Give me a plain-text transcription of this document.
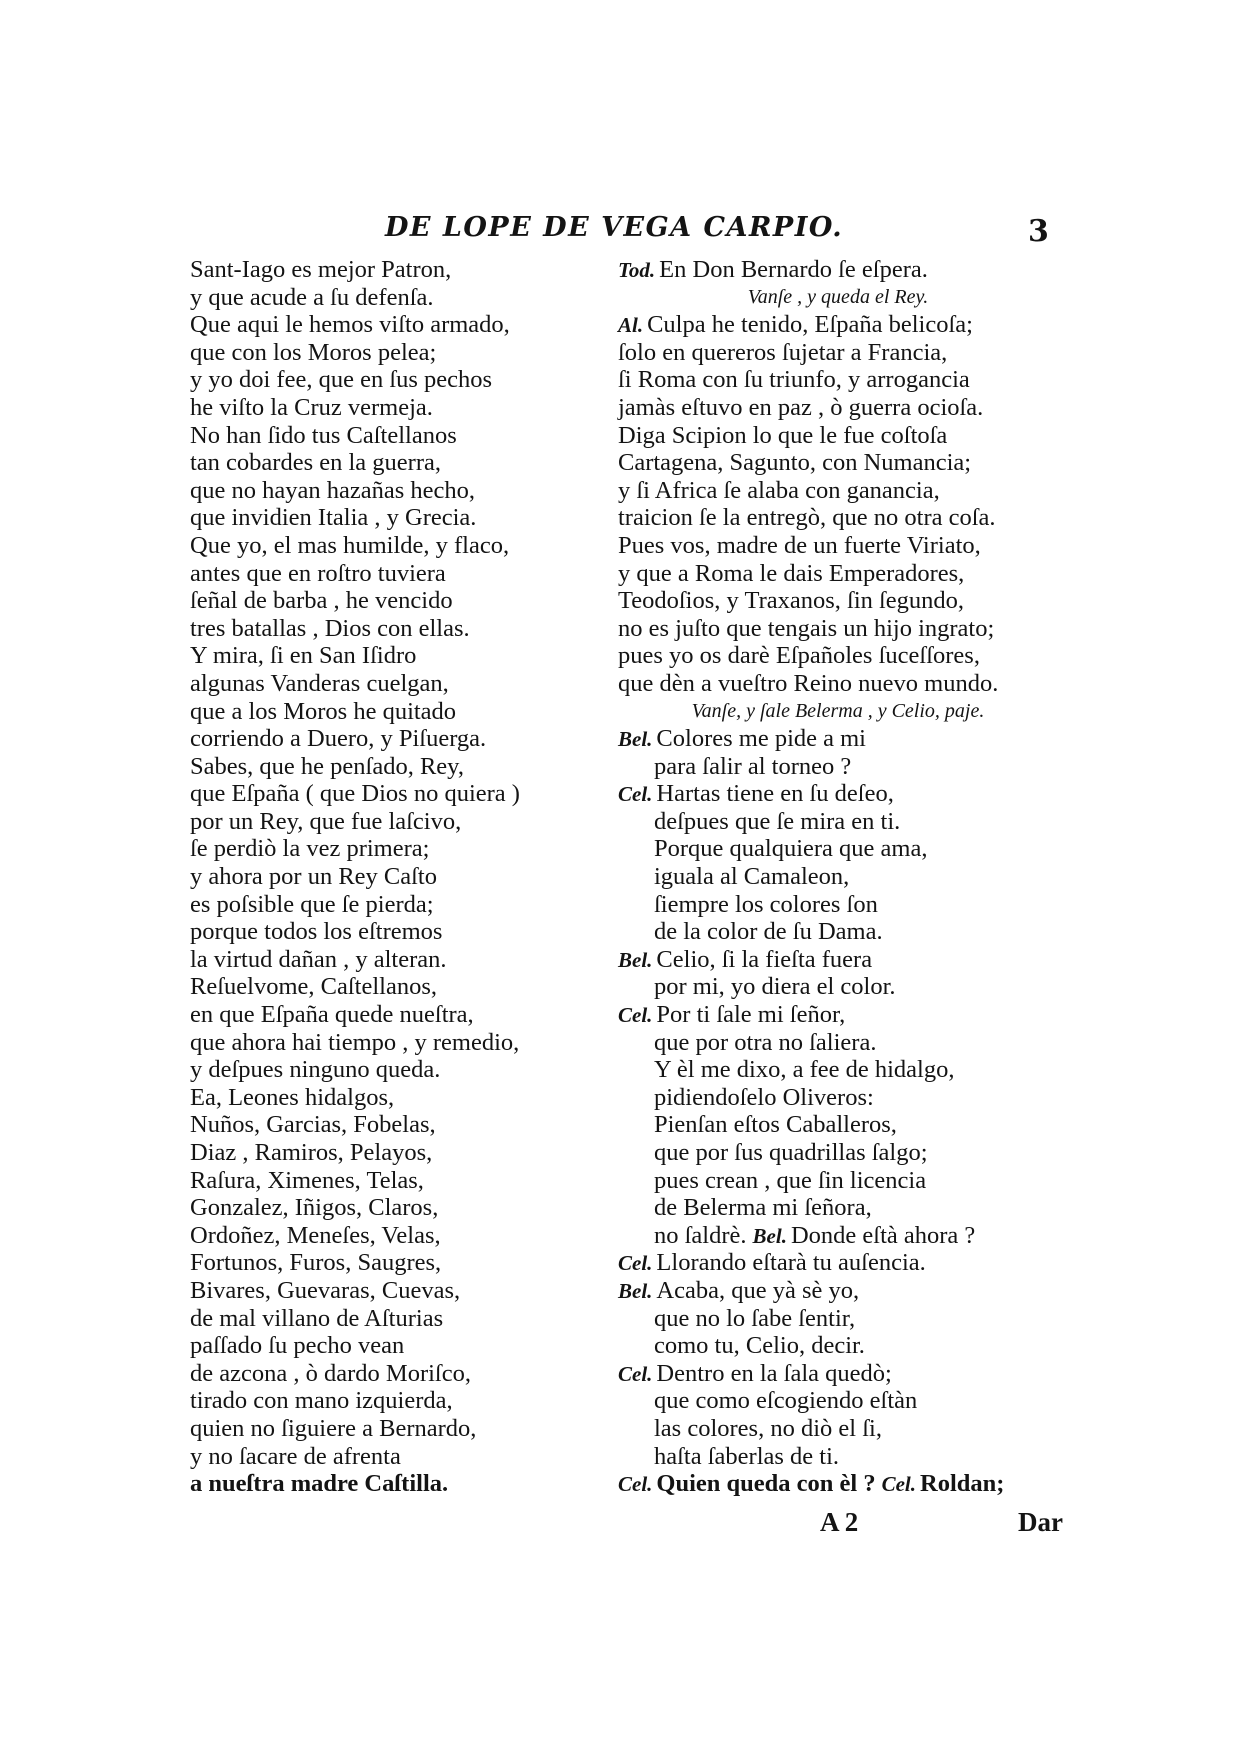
DE LOPE DE VEGA CARPIO.	3
Sant-Iago es mejor Patron,
y que acude a ſu defenſa.
Que aqui le hemos viſto armado,
que con los Moros pelea;
y yo doi fee, que en ſus pechos
he viſto la Cruz vermeja.
No han ſido tus Caſtellanos
tan cobardes en la guerra,
que no hayan hazañas hecho,
que invidien Italia , y Grecia.
Que yo, el mas humilde, y flaco,
antes que en roſtro tuviera
ſeñal de barba , he vencido
tres batallas , Dios con ellas.
Y mira, ſi en San Iſidro
algunas Vanderas cuelgan,
que a los Moros he quitado
corriendo a Duero, y Piſuerga.
Sabes, que he penſado, Rey,
que Eſpaña ( que Dios no quiera )
por un Rey, que fue laſcivo,
ſe perdiò la vez primera;
y ahora por un Rey Caſto
es poſsible que ſe pierda;
porque todos los eſtremos
la virtud dañan , y alteran.
Reſuelvome, Caſtellanos,
en que Eſpaña quede nueſtra,
que ahora hai tiempo , y remedio,
y deſpues ninguno queda.
Ea, Leones hidalgos,
Nuños, Garcias, Fobelas,
Diaz , Ramiros, Pelayos,
Raſura, Ximenes, Telas,
Gonzalez, Iñigos, Claros,
Ordoñez, Meneſes, Velas,
Fortunos, Furos, Saugres,
Bivares, Guevaras, Cuevas,
de mal villano de Aſturias
paſſado ſu pecho vean
de azcona , ò dardo Moriſco,
tirado con mano izquierda,
quien no ſiguiere a Bernardo,
y no ſacare de afrenta
a nueſtra madre Caſtilla.
Tod. En Don Bernardo ſe eſpera.
Vanſe , y queda el Rey.
Al. Culpa he tenido, Eſpaña belicoſa;
ſolo en quereros ſujetar a Francia,
ſi Roma con ſu triunfo, y arrogancia
jamàs eſtuvo en paz , ò guerra ocioſa.
Diga Scipion lo que le fue coſtoſa
Cartagena, Sagunto, con Numancia;
y ſi Africa ſe alaba con ganancia,
traicion ſe la entregò, que no otra coſa.
Pues vos, madre de un fuerte Viriato,
y que a Roma le dais Emperadores,
Teodoſios, y Traxanos, ſin ſegundo,
no es juſto que tengais un hijo ingrato;
pues yo os darè Eſpañoles ſuceſſores,
que dèn a vueſtro Reino nuevo mundo.
Vanſe, y ſale Belerma , y Celio, paje.
Bel. Colores me pide a mi
para ſalir al torneo ?
Cel. Hartas tiene en ſu deſeo,
deſpues que ſe mira en ti.
Porque qualquiera que ama,
iguala al Camaleon,
ſiempre los colores ſon
de la color de ſu Dama.
Bel. Celio, ſi la fieſta fuera
por mi, yo diera el color.
Cel. Por ti ſale mi ſeñor,
que por otra no ſaliera.
Y èl me dixo, a fee de hidalgo,
pidiendoſelo Oliveros:
Pienſan eſtos Caballeros,
que por ſus quadrillas ſalgo;
pues crean , que ſin licencia
de Belerma mi ſeñora,
no ſaldrè. Bel. Donde eſtà ahora ?
Cel. Llorando eſtarà tu auſencia.
Bel. Acaba, que yà sè yo,
que no lo ſabe ſentir,
como tu, Celio, decir.
Cel. Dentro en la ſala quedò;
que como eſcogiendo eſtàn
las colores, no diò el ſi,
haſta ſaberlas de ti.
Cel. Quien queda con èl ? Cel. Roldan;
A 2	Dar
